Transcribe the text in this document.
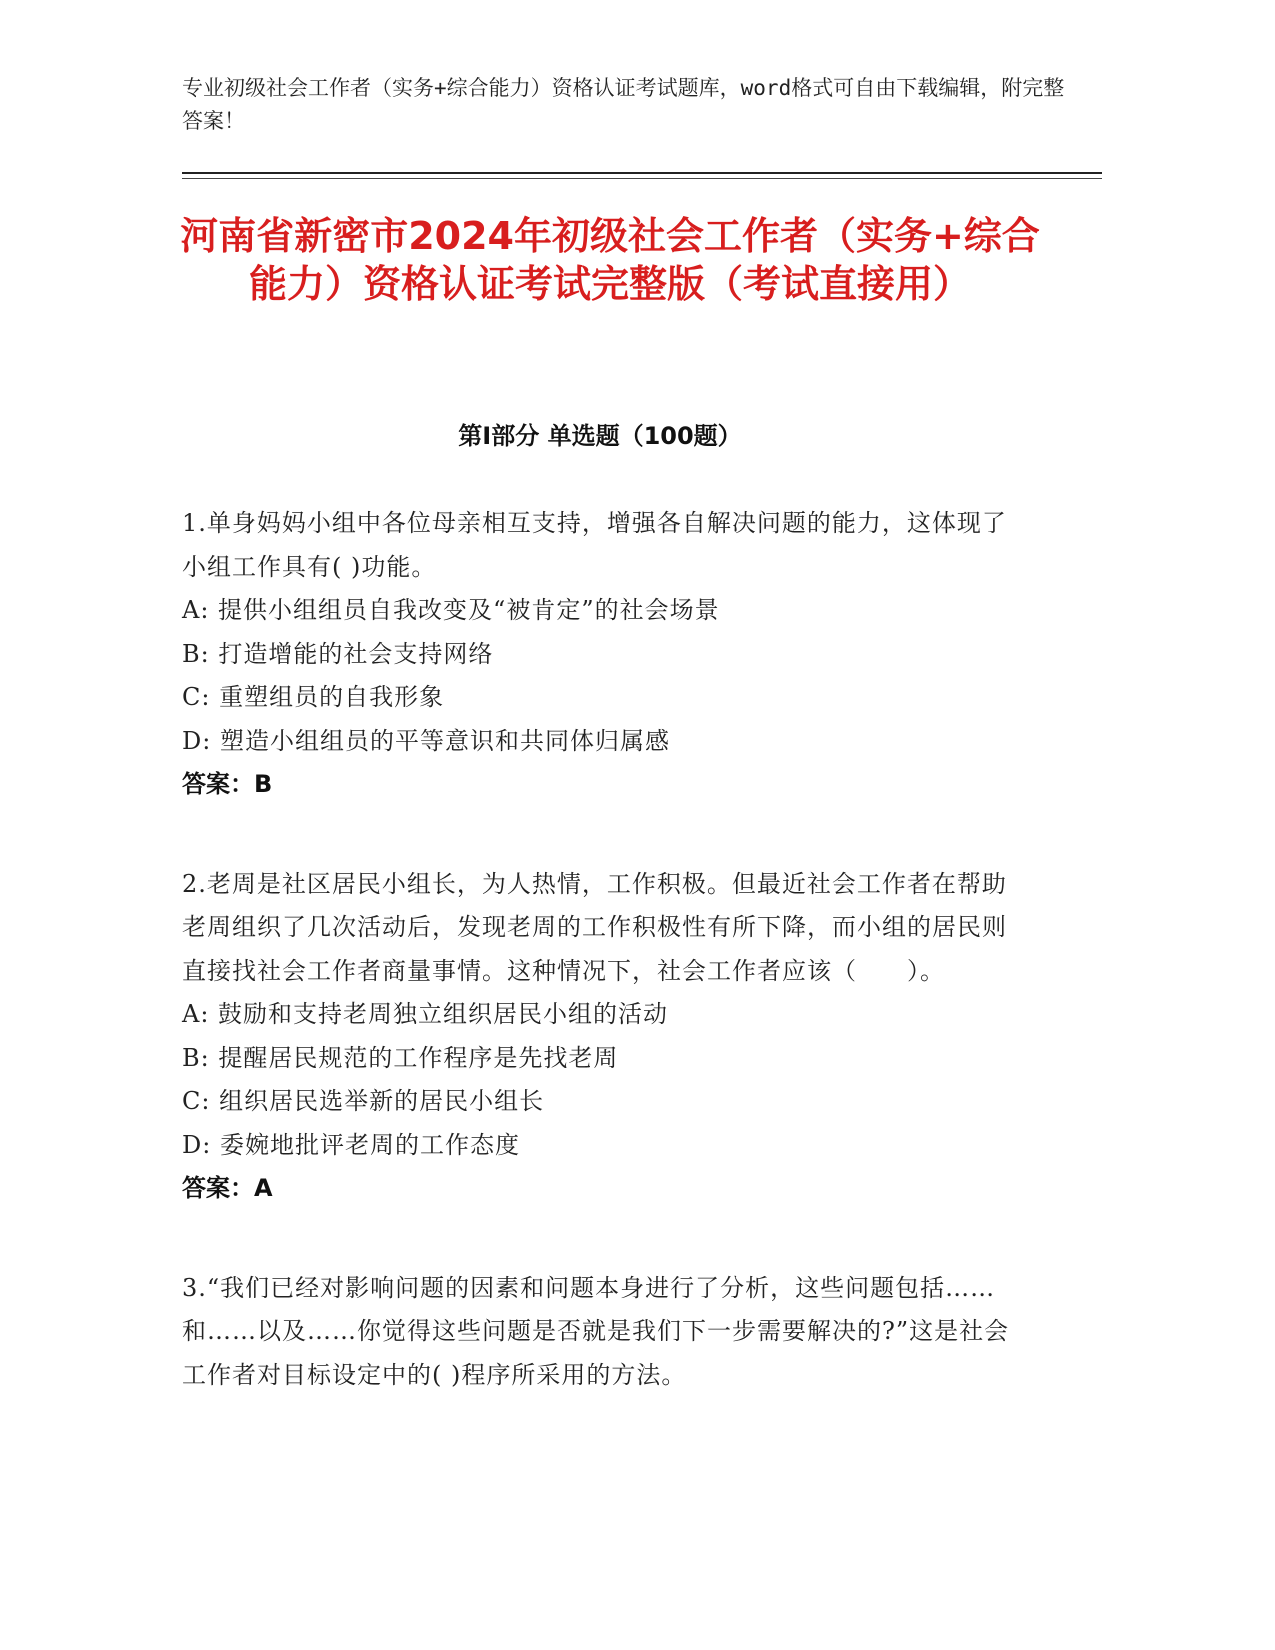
专业初级社会工作者（实务+综合能力）资格认证考试题库，word格式可自由下载编辑，附完整答案！
河南省新密市2024年初级社会工作者（实务+综合能力）资格认证考试完整版（考试直接用）
第I部分 单选题（100题）

1.单身妈妈小组中各位母亲相互支持，增强各自解决问题的能力，这体现了小组工作具有( )功能。

A: 提供小组组员自我改变及“被肯定”的社会场景

B: 打造增能的社会支持网络

C: 重塑组员的自我形象

D: 塑造小组组员的平等意识和共同体归属感

答案：B

2.老周是社区居民小组长，为人热情，工作积极。但最近社会工作者在帮助老周组织了几次活动后，发现老周的工作积极性有所下降，而小组的居民则直接找社会工作者商量事情。这种情况下，社会工作者应该（　　）。

A: 鼓励和支持老周独立组织居民小组的活动

B: 提醒居民规范的工作程序是先找老周

C: 组织居民选举新的居民小组长

D: 委婉地批评老周的工作态度

答案：A

3.“我们已经对影响问题的因素和问题本身进行了分析，这些问题包括……和……以及……你觉得这些问题是否就是我们下一步需要解决的?”这是社会工作者对目标设定中的( )程序所采用的方法。
